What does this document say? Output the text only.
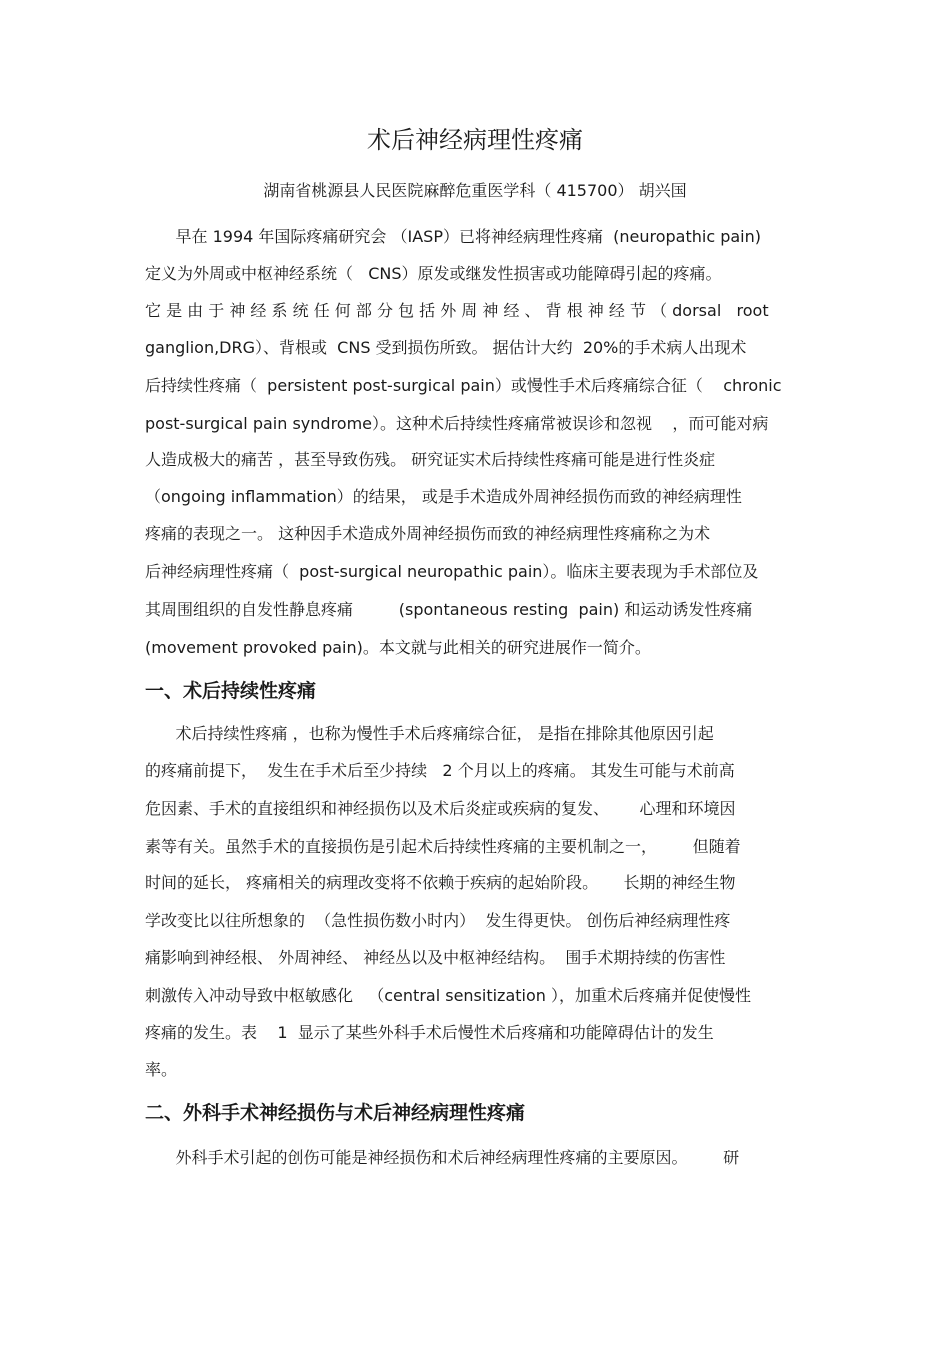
术后神经病理性疼痛

湖南省桃源县人民医院麻醉危重医学科（ 415700） 胡兴国

早在 1994 年国际疼痛研究会 （IASP）已将神经病理性疼痛  (neuropathic pain)

定义为外周或中枢神经系统（   CNS）原发或继发性损害或功能障碍引起的疼痛。

它 是 由 于 神 经 系 统 任 何 部 分 包 括 外 周 神 经 、 背 根 神 经 节 （ dorsal   root

ganglion,DRG）、背根或  CNS 受到损伤所致。 据估计大约  20%的手术病人出现术

后持续性疼痛（  persistent post-surgical pain）或慢性手术后疼痛综合征（    chronic

post-surgical pain syndrome）。这种术后持续性疼痛常被误诊和忽视    ，而可能对病

人造成极大的痛苦 ，甚至导致伤残。 研究证实术后持续性疼痛可能是进行性炎症

（ongoing inflammation）的结果， 或是手术造成外周神经损伤而致的神经病理性

疼痛的表现之一。 这种因手术造成外周神经损伤而致的神经病理性疼痛称之为术

后神经病理性疼痛（  post-surgical neuropathic pain）。临床主要表现为手术部位及

其周围组织的自发性静息疼痛         (spontaneous resting  pain) 和运动诱发性疼痛

(movement provoked pain)。本文就与此相关的研究进展作一简介。

一、术后持续性疼痛

术后持续性疼痛 ，也称为慢性手术后疼痛综合征， 是指在排除其他原因引起

的疼痛前提下，  发生在手术后至少持续   2 个月以上的疼痛。 其发生可能与术前高

危因素、手术的直接组织和神经损伤以及术后炎症或疾病的复发、      心理和环境因

素等有关。虽然手术的直接损伤是引起术后持续性疼痛的主要机制之一，       但随着

时间的延长， 疼痛相关的病理改变将不依赖于疾病的起始阶段。     长期的神经生物

学改变比以往所想象的  （急性损伤数小时内）  发生得更快。 创伤后神经病理性疼

痛影响到神经根、 外周神经、 神经丛以及中枢神经结构。  围手术期持续的伤害性

刺激传入冲动导致中枢敏感化   （central sensitization ），加重术后疼痛并促使慢性

疼痛的发生。表    1  显示了某些外科手术后慢性术后疼痛和功能障碍估计的发生

率。

二、外科手术神经损伤与术后神经病理性疼痛

外科手术引起的创伤可能是神经损伤和术后神经病理性疼痛的主要原因。       研
